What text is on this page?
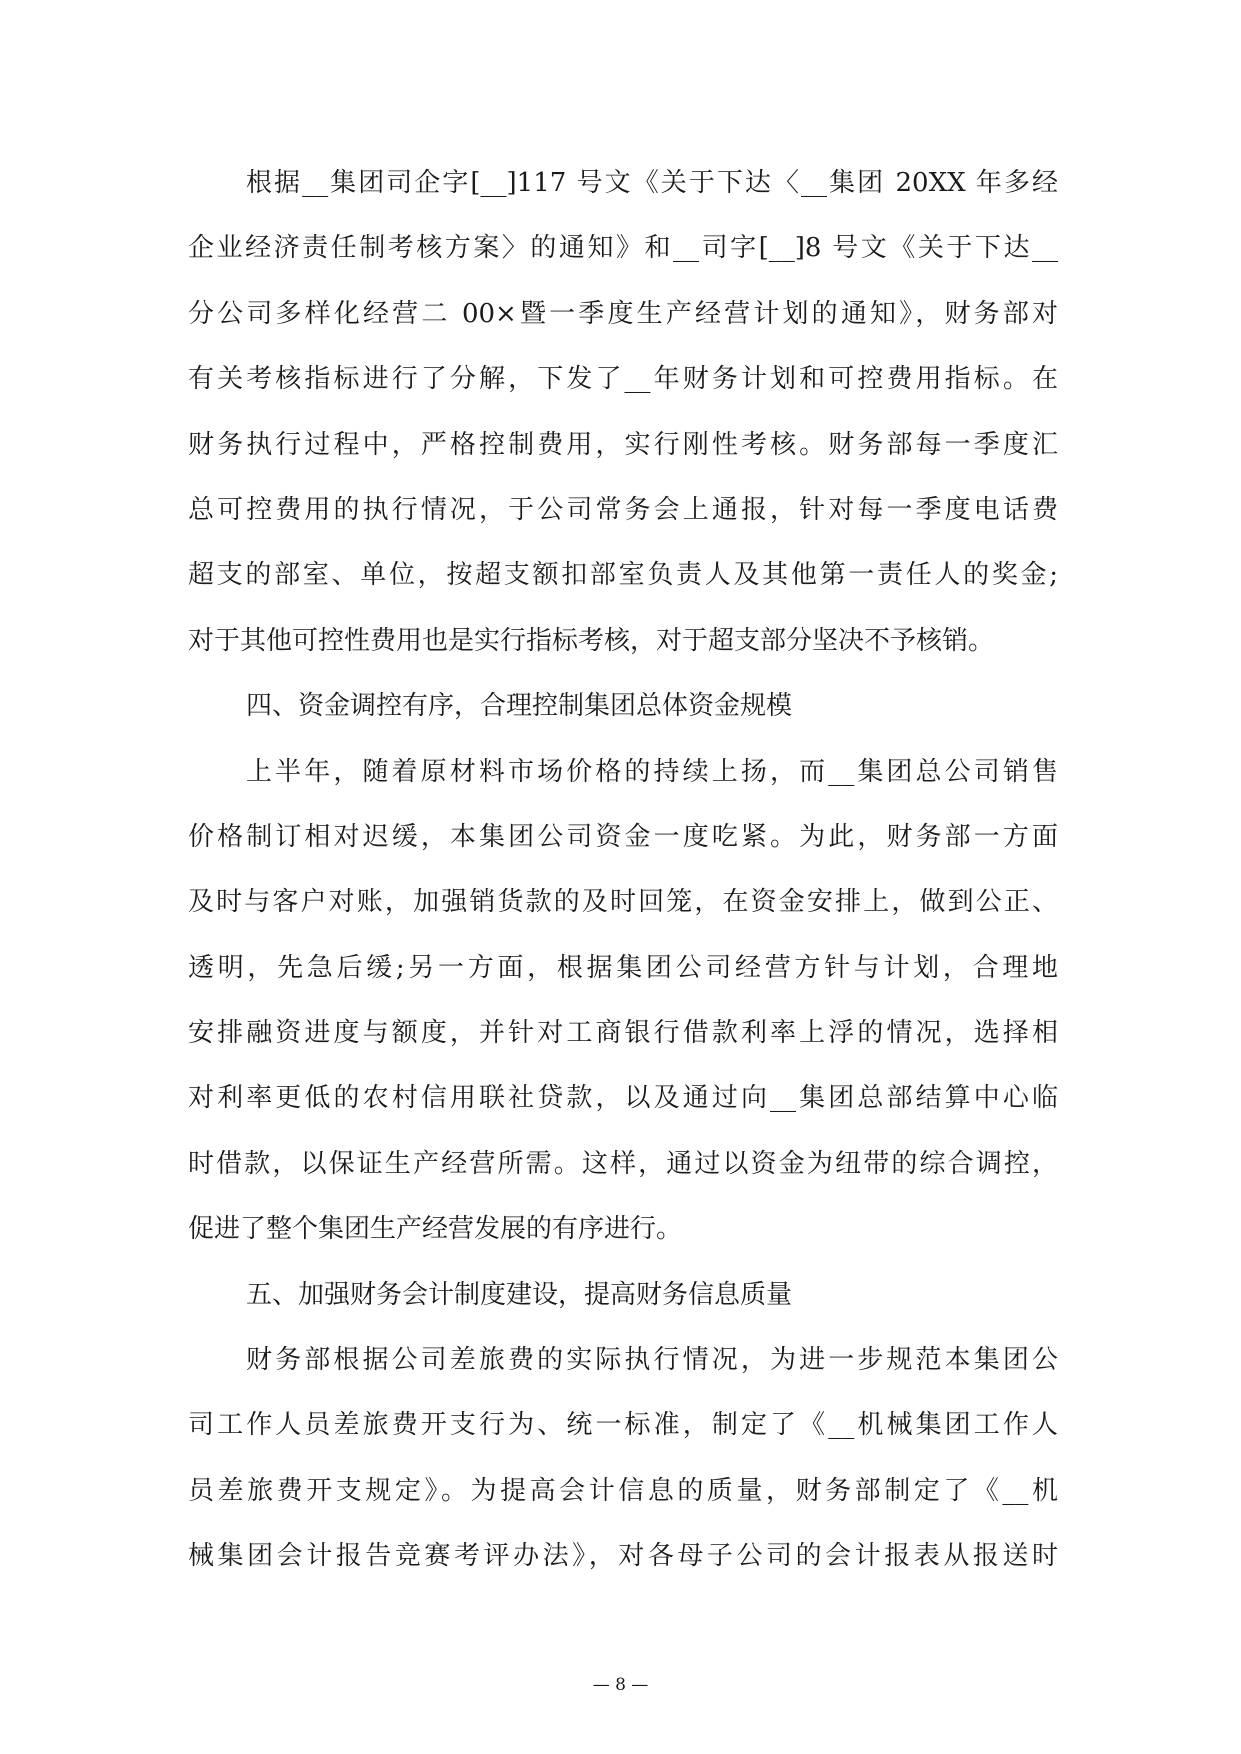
根据__集团司企字[__]117 号文《关于下达〈__集团 20XX 年多经
企业经济责任制考核方案〉的通知》和__司字[__]8 号文《关于下达__
分公司多样化经营二 00×暨一季度生产经营计划的通知》，财务部对
有关考核指标进行了分解，下发了__年财务计划和可控费用指标。在
财务执行过程中，严格控制费用，实行刚性考核。财务部每一季度汇
总可控费用的执行情况，于公司常务会上通报，针对每一季度电话费
超支的部室、单位，按超支额扣部室负责人及其他第一责任人的奖金;
对于其他可控性费用也是实行指标考核，对于超支部分坚决不予核销。
四、资金调控有序，合理控制集团总体资金规模
上半年，随着原材料市场价格的持续上扬，而__集团总公司销售
价格制订相对迟缓，本集团公司资金一度吃紧。为此，财务部一方面
及时与客户对账，加强销货款的及时回笼，在资金安排上，做到公正、
透明，先急后缓;另一方面，根据集团公司经营方针与计划，合理地
安排融资进度与额度，并针对工商银行借款利率上浮的情况，选择相
对利率更低的农村信用联社贷款，以及通过向__集团总部结算中心临
时借款，以保证生产经营所需。这样，通过以资金为纽带的综合调控，
促进了整个集团生产经营发展的有序进行。
五、加强财务会计制度建设，提高财务信息质量
财务部根据公司差旅费的实际执行情况，为进一步规范本集团公
司工作人员差旅费开支行为、统一标准，制定了《__机械集团工作人
员差旅费开支规定》。为提高会计信息的质量，财务部制定了《__机
械集团会计报告竞赛考评办法》，对各母子公司的会计报表从报送时
— 8 —
